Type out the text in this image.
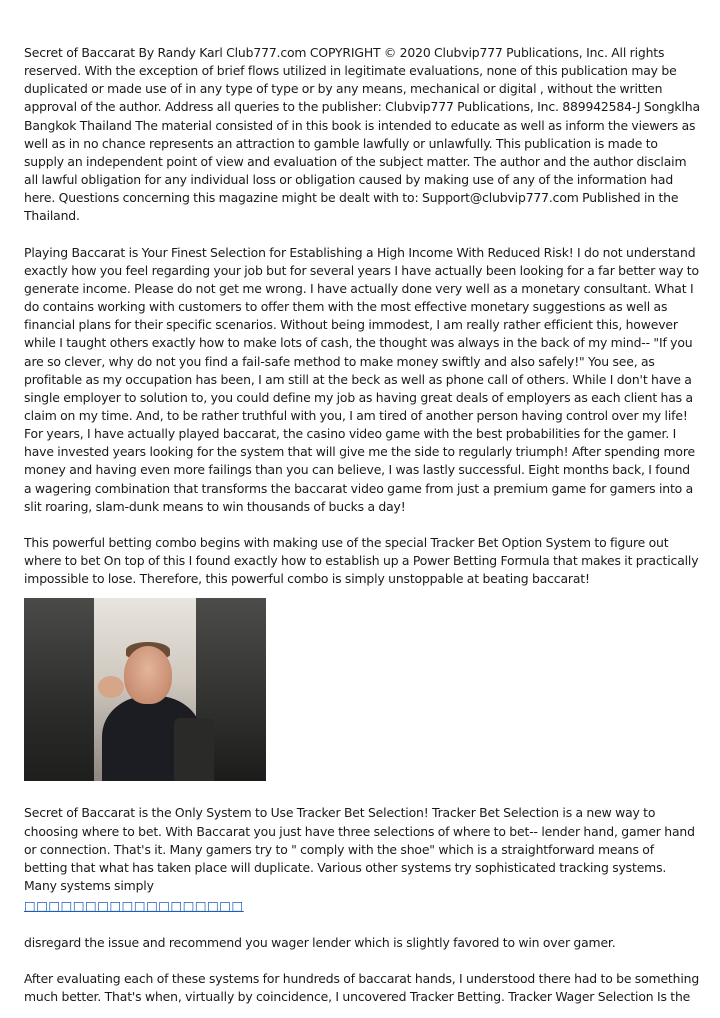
Secret of Baccarat By Randy Karl Club777.com COPYRIGHT © 2020 Clubvip777 Publications, Inc. All rights reserved. With the exception of brief flows utilized in legitimate evaluations, none of this publication may be duplicated or made use of in any type of type or by any means, mechanical or digital , without the written approval of the author. Address all queries to the publisher: Clubvip777 Publications, Inc. 889942584-J Songklha Bangkok Thailand The material consisted of in this book is intended to educate as well as inform the viewers as well as in no chance represents an attraction to gamble lawfully or unlawfully. This publication is made to supply an independent point of view and evaluation of the subject matter. The author and the author disclaim all lawful obligation for any individual loss or obligation caused by making use of any of the information had here. Questions concerning this magazine might be dealt with to: Support@clubvip777.com Published in the Thailand.

Playing Baccarat is Your Finest Selection for Establishing a High Income With Reduced Risk! I do not understand exactly how you feel regarding your job but for several years I have actually been looking for a far better way to generate income. Please do not get me wrong. I have actually done very well as a monetary consultant. What I do contains working with customers to offer them with the most effective monetary suggestions as well as financial plans for their specific scenarios. Without being immodest, I am really rather efficient this, however while I taught others exactly how to make lots of cash, the thought was always in the back of my mind-- "If you are so clever, why do not you find a fail-safe method to make money swiftly and also safely!" You see, as profitable as my occupation has been, I am still at the beck as well as phone call of others. While I don't have a single employer to solution to, you could define my job as having great deals of employers as each client has a claim on my time. And, to be rather truthful with you, I am tired of another person having control over my life! For years, I have actually played baccarat, the casino video game with the best probabilities for the gamer. I have invested years looking for the system that will give me the side to regularly triumph! After spending more money and having even more failings than you can believe, I was lastly successful. Eight months back, I found a wagering combination that transforms the baccarat video game from just a premium game for gamers into a slit roaring, slam-dunk means to win thousands of bucks a day!

This powerful betting combo begins with making use of the special Tracker Bet Option System to figure out where to bet On top of this I found exactly how to establish up a Power Betting Formula that makes it practically impossible to lose. Therefore, this powerful combo is simply unstoppable at beating baccarat!

Secret of Baccarat is the Only System to Use Tracker Bet Selection! Tracker Bet Selection is a new way to choosing where to bet. With Baccarat you just have three selections of where to bet-- lender hand, gamer hand or connection. That's it. Many gamers try to " comply with the shoe" which is a straightforward means of betting that what has taken place will duplicate. Various other systems try sophisticated tracking systems. Many systems simply

□□□□□□□□□□□□□□□□□□

disregard the issue and recommend you wager lender which is slightly favored to win over gamer.

After evaluating each of these systems for hundreds of baccarat hands, I understood there had to be something much better. That's when, virtually by coincidence, I uncovered Tracker Betting. Tracker Wager Selection Is the
